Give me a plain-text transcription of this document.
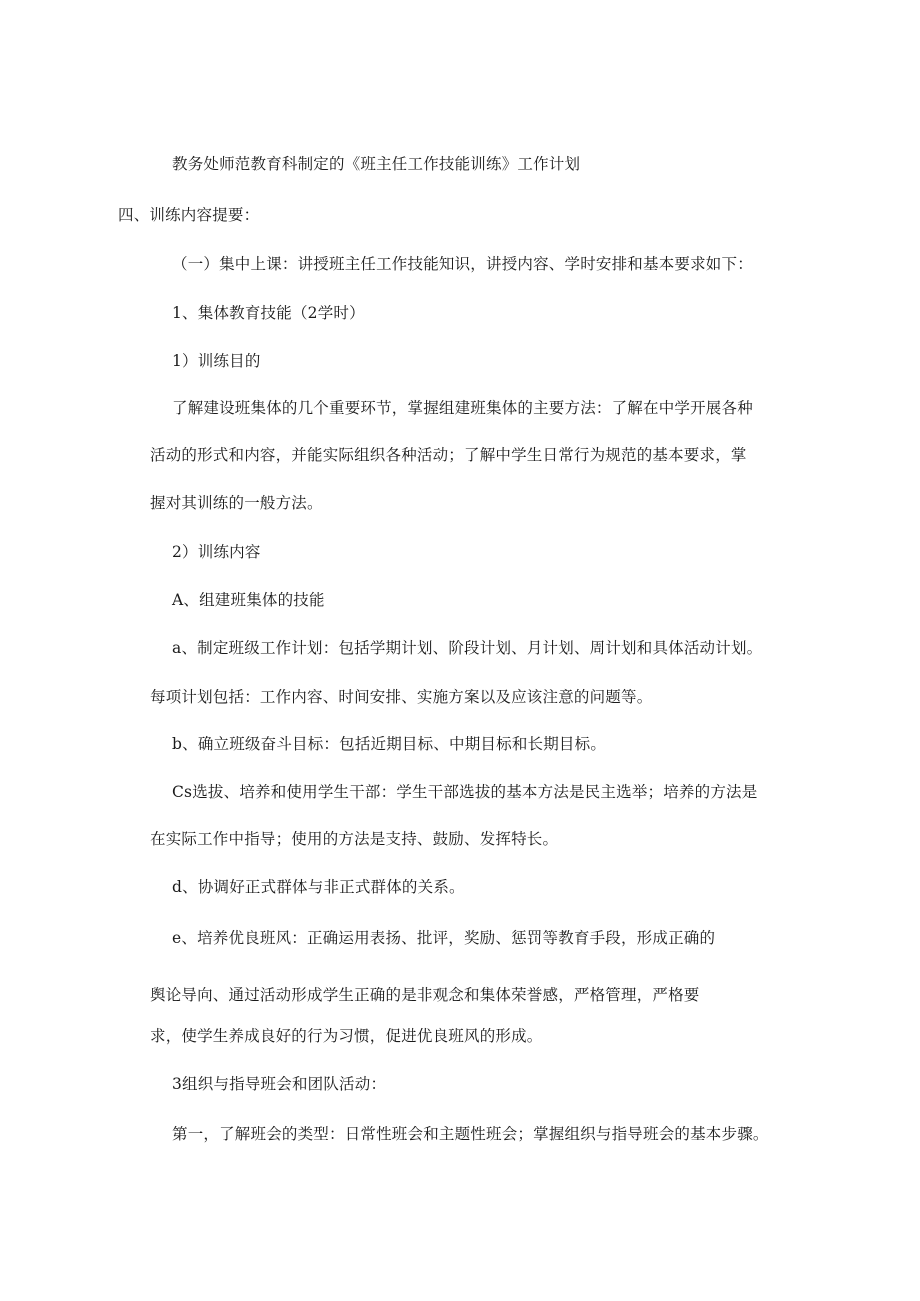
教务处师范教育科制定的《班主任工作技能训练》工作计划

四、训练内容提要：

（一）集中上课：讲授班主任工作技能知识，讲授内容、学时安排和基本要求如下：

1、集体教育技能（2学时）

1）训练目的

了解建设班集体的几个重要环节，掌握组建班集体的主要方法：了解在中学开展各种

活动的形式和内容，并能实际组织各种活动；了解中学生日常行为规范的基本要求，掌

握对其训练的一般方法。

2）训练内容

A、组建班集体的技能

a、制定班级工作计划：包括学期计划、阶段计划、月计划、周计划和具体活动计划。

每项计划包括：工作内容、时间安排、实施方案以及应该注意的问题等。

b、确立班级奋斗目标：包括近期目标、中期目标和长期目标。

Cs选拔、培养和使用学生干部：学生干部选拔的基本方法是民主选举；培养的方法是

在实际工作中指导；使用的方法是支持、鼓励、发挥特长。

d、协调好正式群体与非正式群体的关系。

e、培养优良班风：正确运用表扬、批评，奖励、惩罚等教育手段，形成正确的

舆论导向、通过活动形成学生正确的是非观念和集体荣誉感，严格管理，严格要

求，使学生养成良好的行为习惯，促进优良班风的形成。

3组织与指导班会和团队活动：

第一，了解班会的类型：日常性班会和主题性班会；掌握组织与指导班会的基本步骤。
